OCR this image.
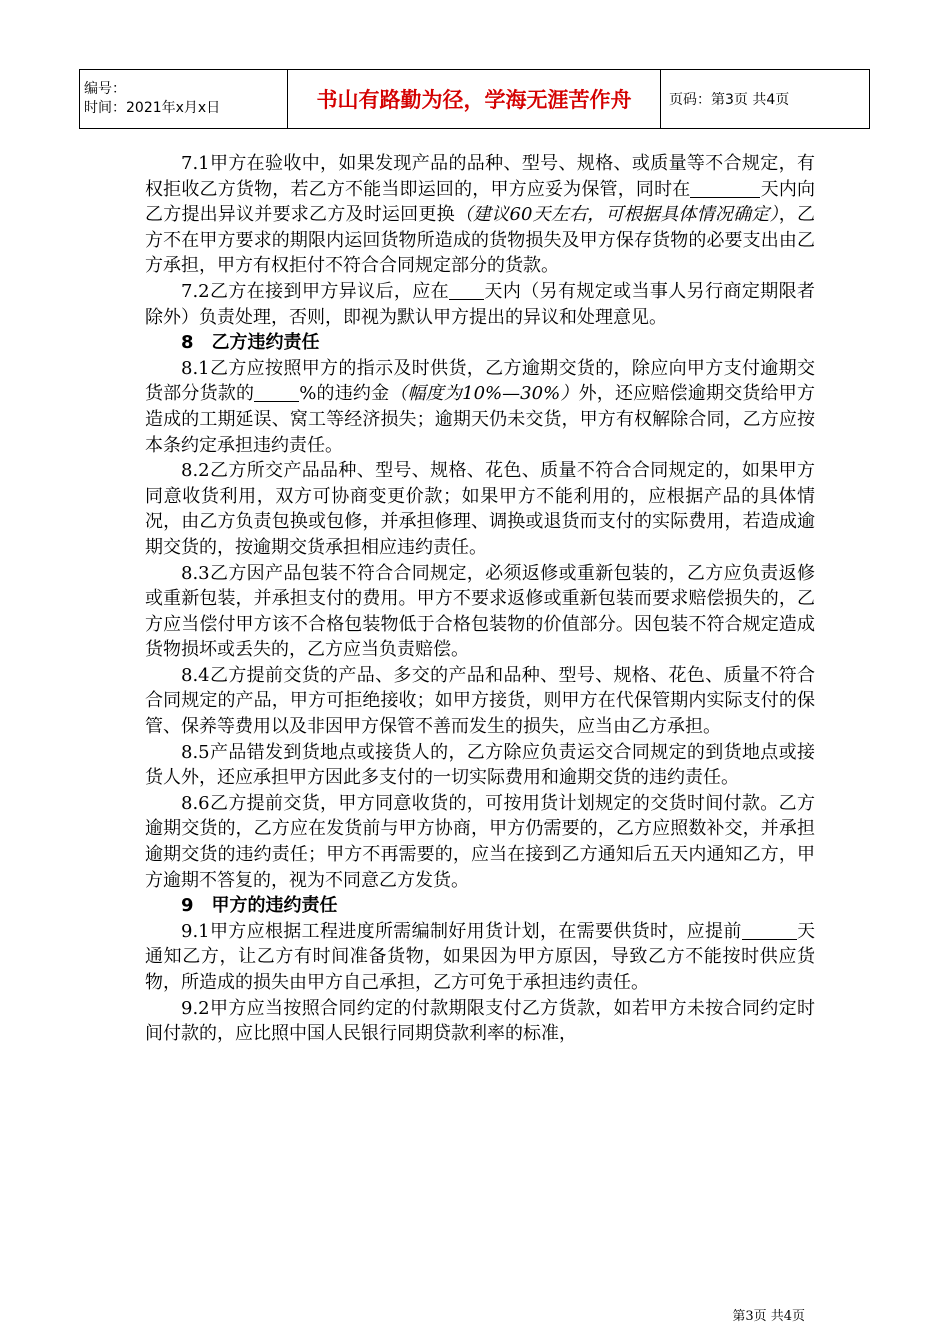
编号：
时间：2021年x月x日	书山有路勤为径，学海无涯苦作舟	页码：第3页 共4页

7.1甲方在验收中，如果发现产品的品种、型号、规格、或质量等不合规定，有权拒收乙方货物，若乙方不能当即运回的，甲方应妥为保管，同时在	天内向乙方提出异议并要求乙方及时运回更换（建议60天左右，可根据具体情况确定），乙方不在甲方要求的期限内运回货物所造成的货物损失及甲方保存货物的必要支出由乙方承担，甲方有权拒付不符合合同规定部分的货款。

7.2乙方在接到甲方异议后，应在 天内（另有规定或当事人另行商定期限者除外）负责处理，否则，即视为默认甲方提出的异议和处理意见。

8　乙方违约责任

8.1乙方应按照甲方的指示及时供货，乙方逾期交货的，除应向甲方支付逾期交货部分货款的	%的违约金（幅度为10%—30%）外，还应赔偿逾期交货给甲方造成的工期延误、窝工等经济损失；逾期天仍未交货，甲方有权解除合同，乙方应按本条约定承担违约责任。

8.2乙方所交产品品种、型号、规格、花色、质量不符合合同规定的，如果甲方同意收货利用，双方可协商变更价款；如果甲方不能利用的，应根据产品的具体情况，由乙方负责包换或包修，并承担修理、调换或退货而支付的实际费用，若造成逾期交货的，按逾期交货承担相应违约责任。

8.3乙方因产品包装不符合合同规定，必须返修或重新包装的，乙方应负责返修或重新包装，并承担支付的费用。甲方不要求返修或重新包装而要求赔偿损失的，乙方应当偿付甲方该不合格包装物低于合格包装物的价值部分。因包装不符合规定造成货物损坏或丢失的，乙方应当负责赔偿。

8.4乙方提前交货的产品、多交的产品和品种、型号、规格、花色、质量不符合合同规定的产品，甲方可拒绝接收；如甲方接货，则甲方在代保管期内实际支付的保管、保养等费用以及非因甲方保管不善而发生的损失，应当由乙方承担。

8.5产品错发到货地点或接货人的，乙方除应负责运交合同规定的到货地点或接货人外，还应承担甲方因此多支付的一切实际费用和逾期交货的违约责任。

8.6乙方提前交货，甲方同意收货的，可按用货计划规定的交货时间付款。乙方逾期交货的，乙方应在发货前与甲方协商，甲方仍需要的，乙方应照数补交，并承担逾期交货的违约责任；甲方不再需要的，应当在接到乙方通知后五天内通知乙方，甲方逾期不答复的，视为不同意乙方发货。

9　甲方的违约责任

9.1甲方应根据工程进度所需编制好用货计划，在需要供货时，应提前	天通知乙方，让乙方有时间准备货物，如果因为甲方原因，导致乙方不能按时供应货物，所造成的损失由甲方自己承担，乙方可免于承担违约责任。

9.2甲方应当按照合同约定的付款期限支付乙方货款，如若甲方未按合同约定时间付款的，应比照中国人民银行同期贷款利率的标准，

第3页 共4页
